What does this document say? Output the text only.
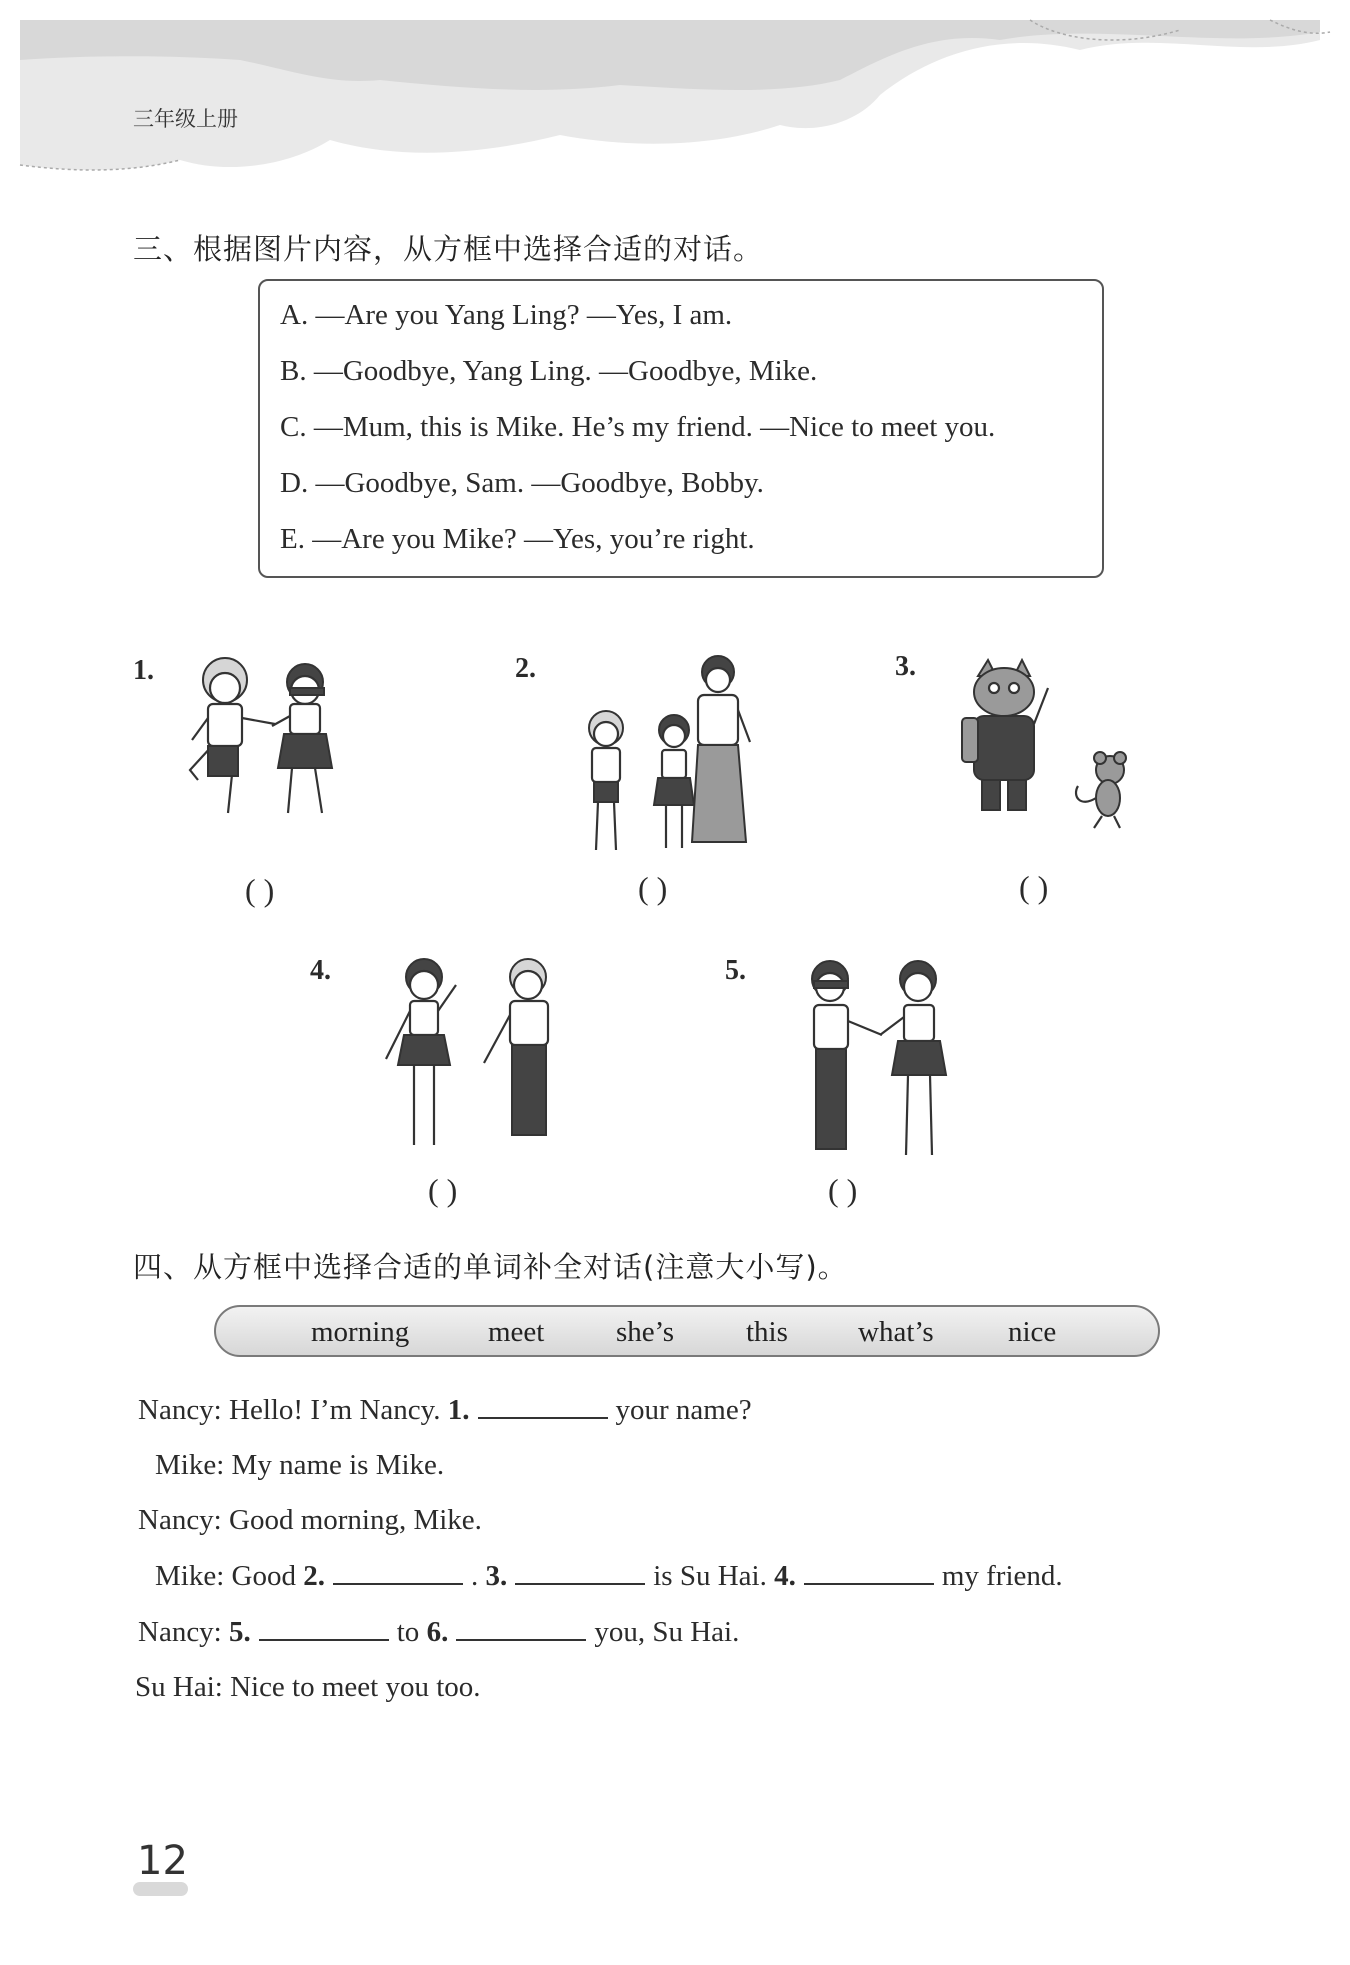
三年级上册
三、根据图片内容，从方框中选择合适的对话。
A. —Are you Yang Ling? —Yes, I am.
B. —Goodbye, Yang Ling. —Goodbye, Mike.
C. —Mum, this is Mike. He’s my friend. —Nice to meet you.
D. —Goodbye, Sam. —Goodbye, Bobby.
E. —Are you Mike? —Yes, you’re right.
1.
( )
2.
( )
3.
( )
4.
( )
5.
( )
四、从方框中选择合适的单词补全对话(注意大小写)。
morning	meet she’s this what’s	nice
Nancy: Hello! I’m Nancy. 1.	your name?
Mike: My name is Mike.
Nancy: Good morning, Mike.
Mike: Good 2.	. 3.	is Su Hai. 4.	my friend.
Nancy: 5.	to 6.	you, Su Hai.
Su Hai: Nice to meet you too.
12
